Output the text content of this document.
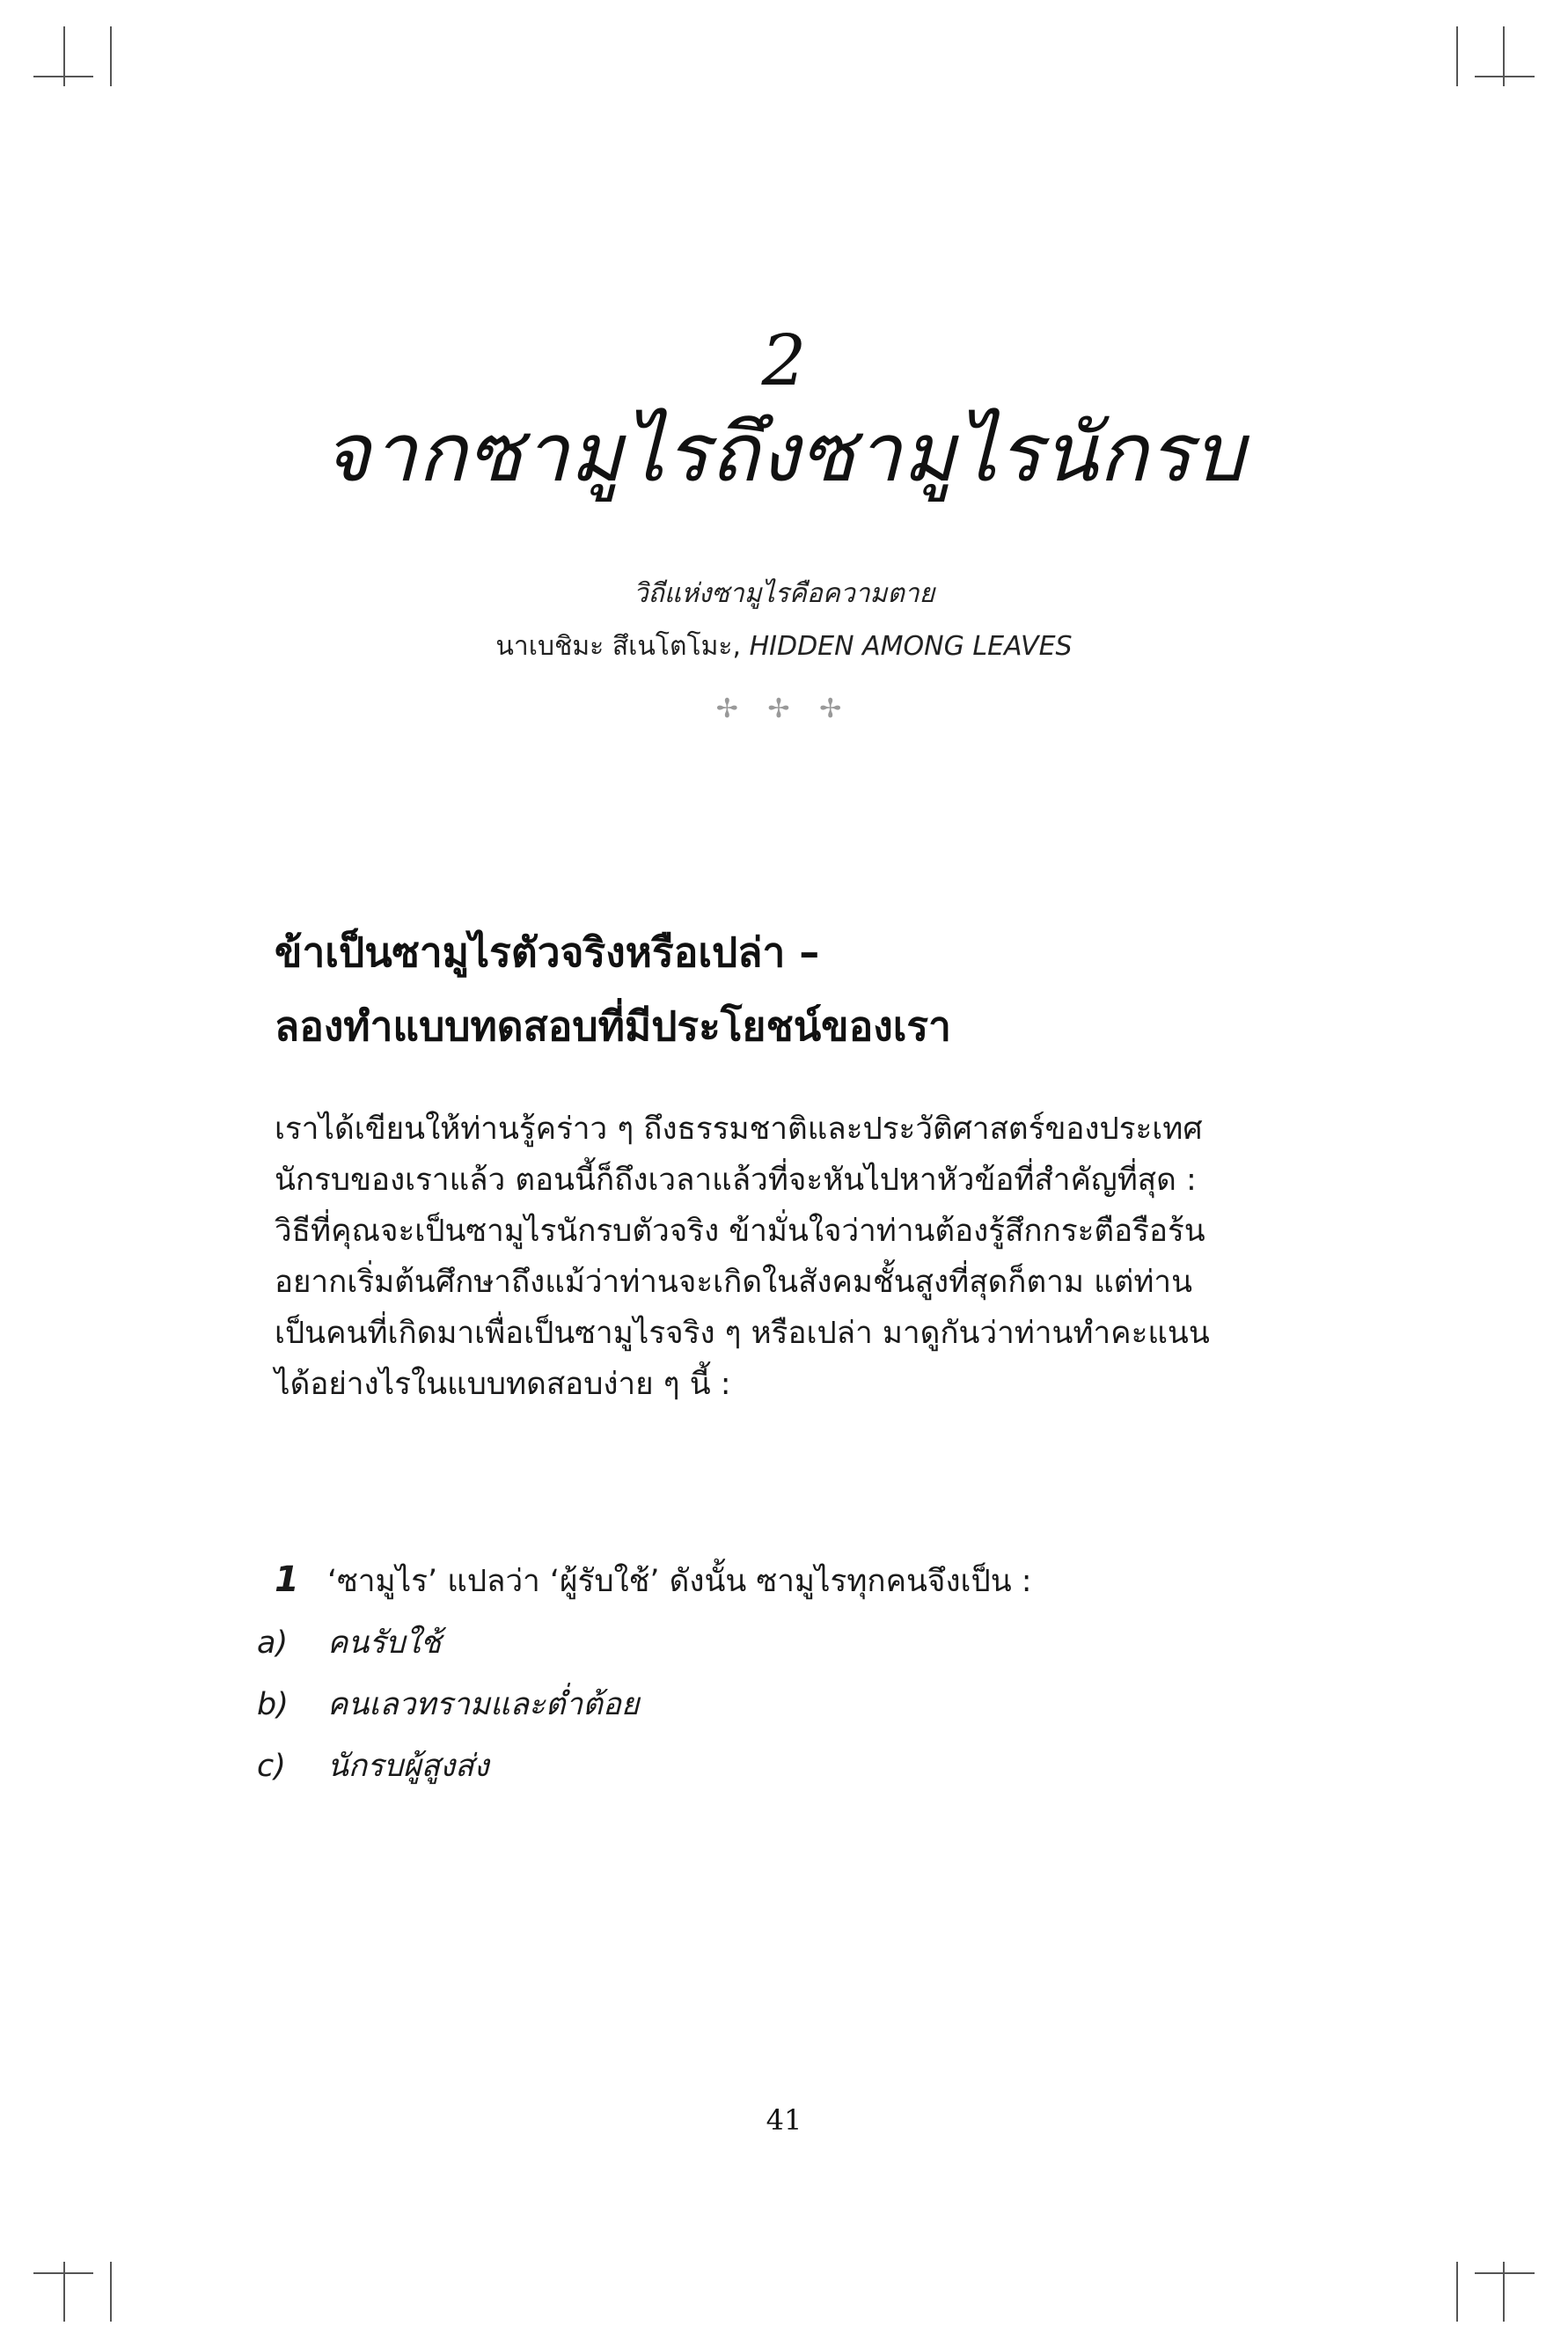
2
จากซามูไรถึงซามูไรนักรบ
วิถีแห่งซามูไรคือความตาย
นาเบชิมะ สึเนโตโมะ, HIDDEN AMONG LEAVES
✢ ✢ ✢
ข้าเป็นซามูไรตัวจริงหรือเปล่า –
ลองทำแบบทดสอบที่มีประโยชน์ของเรา
เราได้เขียนให้ท่านรู้คร่าว ๆ ถึงธรรมชาติและประวัติศาสตร์ของประเทศ
นักรบของเราแล้ว ตอนนี้ก็ถึงเวลาแล้วที่จะหันไปหาหัวข้อที่สำคัญที่สุด :
วิธีที่คุณจะเป็นซามูไรนักรบตัวจริง ข้ามั่นใจว่าท่านต้องรู้สึกกระตือรือร้น
อยากเริ่มต้นศึกษาถึงแม้ว่าท่านจะเกิดในสังคมชั้นสูงที่สุดก็ตาม แต่ท่าน
เป็นคนที่เกิดมาเพื่อเป็นซามูไรจริง ๆ หรือเปล่า มาดูกันว่าท่านทำคะแนน
ได้อย่างไรในแบบทดสอบง่าย ๆ นี้ :
1 ‘ซามูไร’ แปลว่า ‘ผู้รับใช้’ ดังนั้น ซามูไรทุกคนจึงเป็น :
a)	คนรับใช้
b)	คนเลวทรามและต่ำต้อย
c)	นักรบผู้สูงส่ง
41
